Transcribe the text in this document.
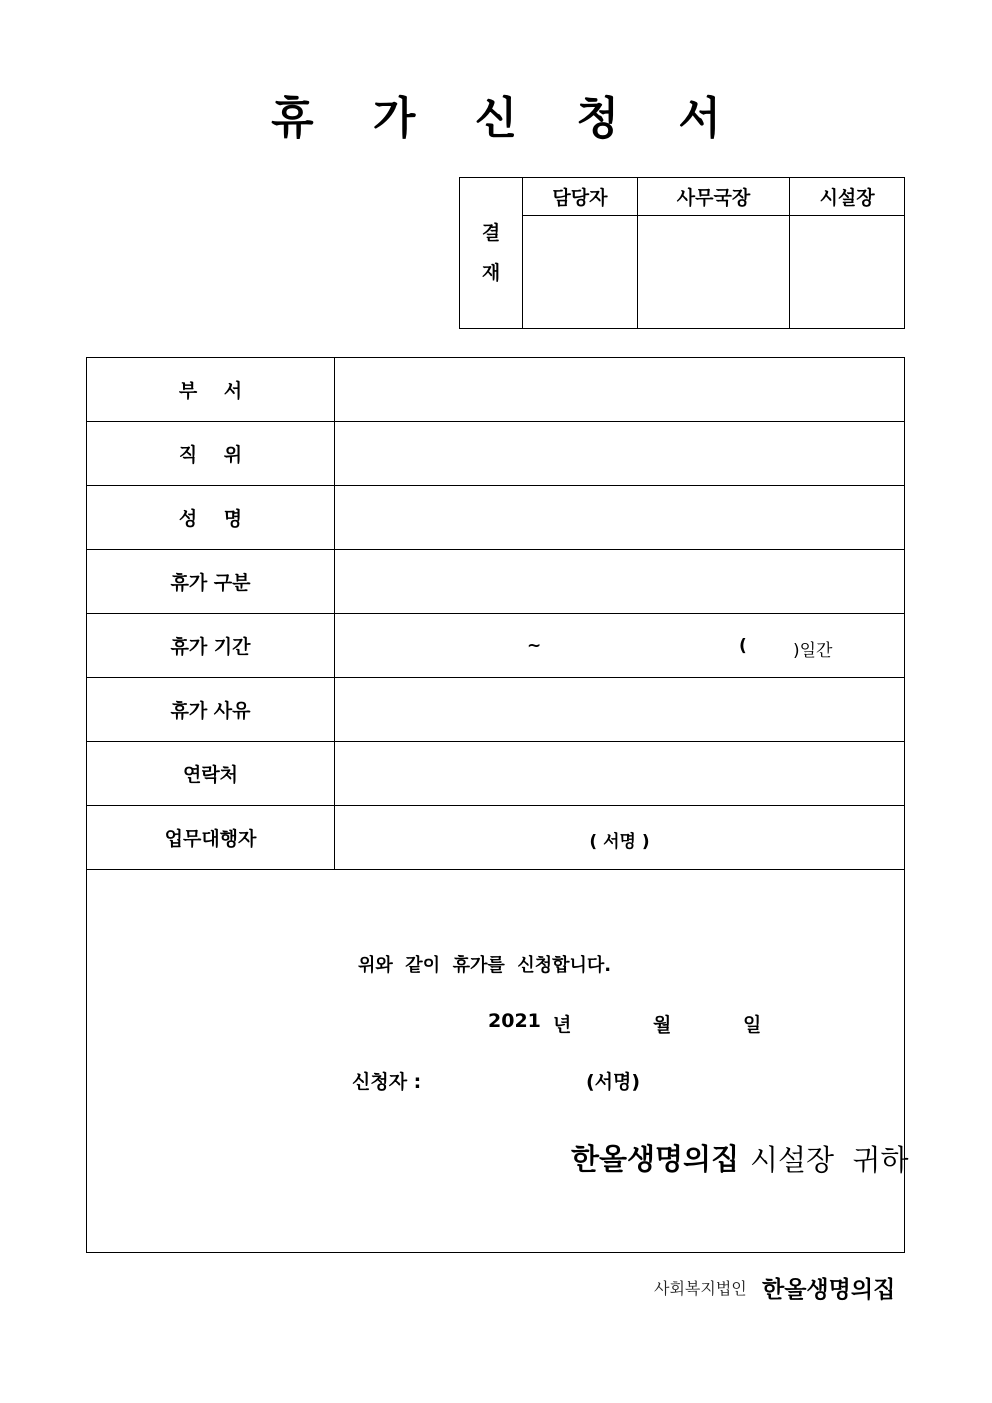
휴 가 신 청 서
결
재	담당자	사무국장	시설장

부    서	
직    위	
성    명	
휴가 구분	
휴가 기간	~ ( )일간

휴가 사유	
연락처	
업무대행자	( 서명 )
위와  같이  휴가를  신청합니다.
2021 년	월	일
신청자 :	(서명)
한올생명의집 시설장  귀하
사회복지법인 한올생명의집
